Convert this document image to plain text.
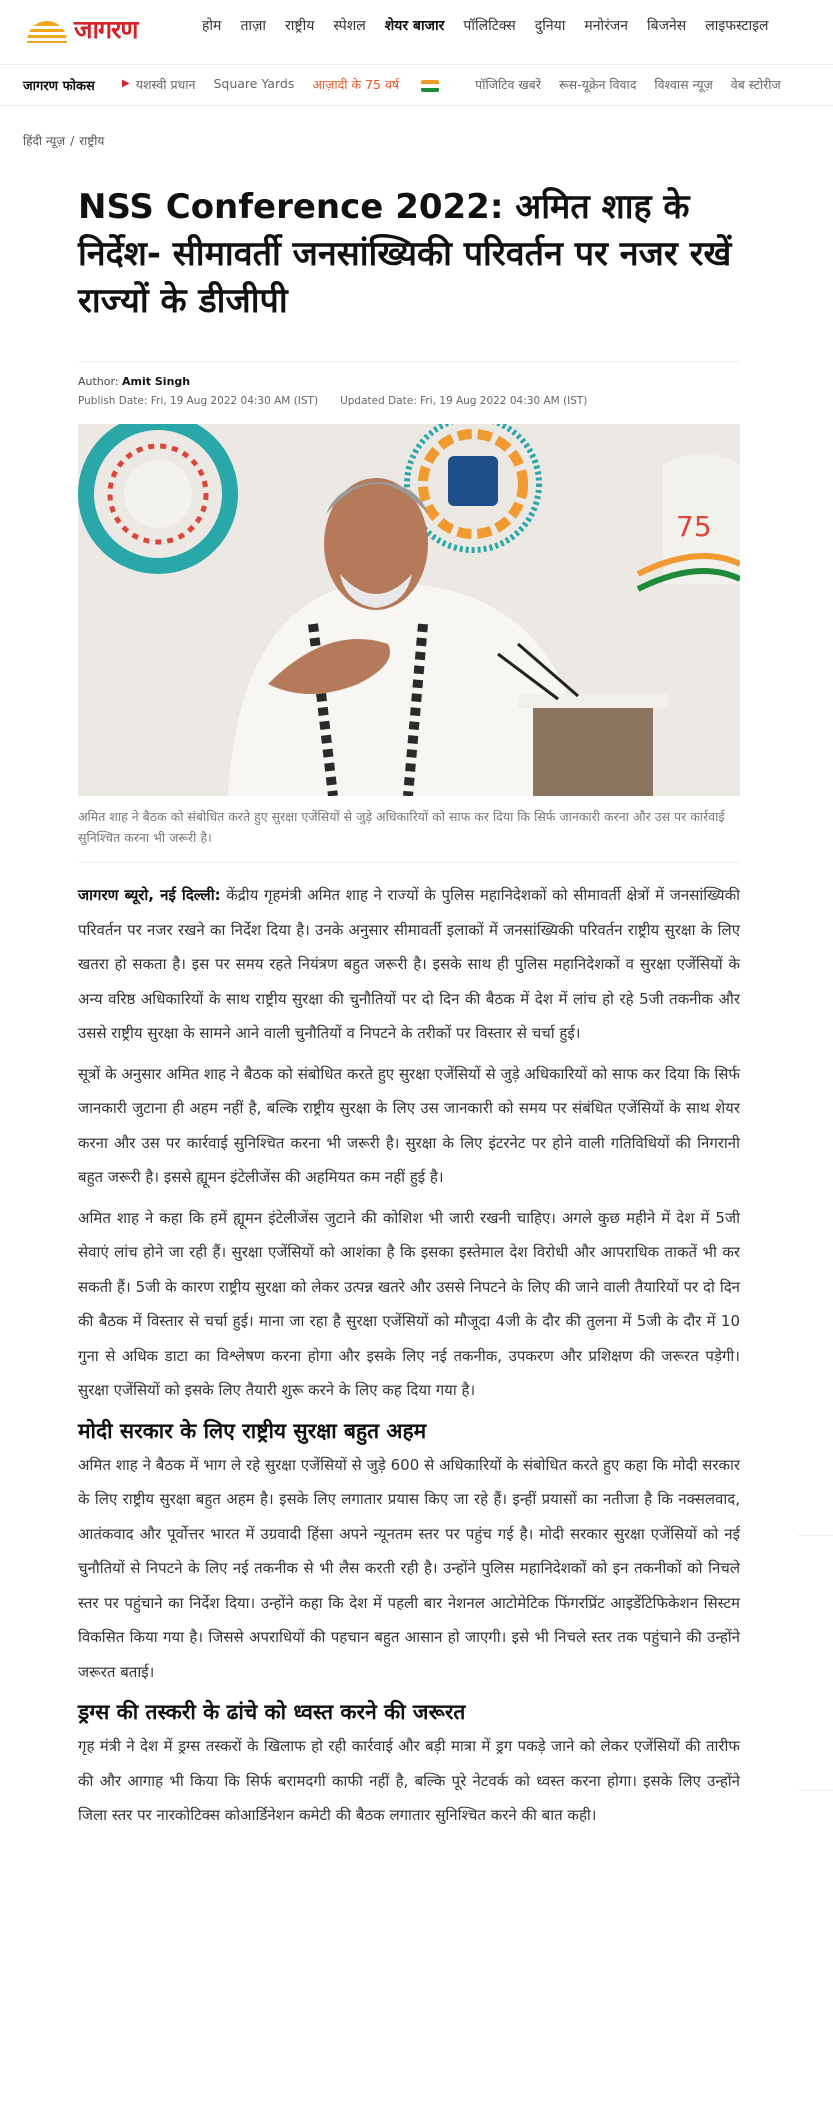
जागरण	होम ताज़ा राष्ट्रीय स्पेशल शेयर बाजार पॉलिटिक्स दुनिया मनोरंजन बिजनेस लाइफस्टाइल
जागरण फोकस	▶ यशस्वी प्रधान Square Yards आज़ादी के 75 वर्ष	पॉजिटिव खबरें रूस-यूक्रेन विवाद विश्वास न्यूज़ वेब स्टोरीज
हिंदी न्यूज़ / राष्ट्रीय
NSS Conference 2022: अमित शाह के निर्देश- सीमावर्ती जनसांख्यिकी परिवर्तन पर नजर रखें राज्यों के डीजीपी
Author: Amit Singh
Publish Date: Fri, 19 Aug 2022 04:30 AM (IST) Updated Date: Fri, 19 Aug 2022 04:30 AM (IST)
75
अमित शाह ने बैठक को संबोधित करते हुए सुरक्षा एजेंसियों से जुड़े अधिकारियों को साफ कर दिया कि सिर्फ जानकारी करना और उस पर कार्रवाई सुनिश्चित करना भी जरूरी है।

जागरण ब्यूरो, नई दिल्ली: केंद्रीय गृहमंत्री अमित शाह ने राज्यों के पुलिस महानिदेशकों को सीमावर्ती क्षेत्रों में जनसांख्यिकी परिवर्तन पर नजर रखने का निर्देश दिया है। उनके अनुसार सीमावर्ती इलाकों में जनसांख्यिकी परिवर्तन राष्ट्रीय सुरक्षा के लिए खतरा हो सकता है। इस पर समय रहते नियंत्रण बहुत जरूरी है। इसके साथ ही पुलिस महानिदेशकों व सुरक्षा एजेंसियों के अन्य वरिष्ठ अधिकारियों के साथ राष्ट्रीय सुरक्षा की चुनौतियों पर दो दिन की बैठक में देश में लांच हो रहे 5जी तकनीक और उससे राष्ट्रीय सुरक्षा के सामने आने वाली चुनौतियों व निपटने के तरीकों पर विस्तार से चर्चा हुई।

सूत्रों के अनुसार अमित शाह ने बैठक को संबोधित करते हुए सुरक्षा एजेंसियों से जुड़े अधिकारियों को साफ कर दिया कि सिर्फ जानकारी जुटाना ही अहम नहीं है, बल्कि राष्ट्रीय सुरक्षा के लिए उस जानकारी को समय पर संबंधित एजेंसियों के साथ शेयर करना और उस पर कार्रवाई सुनिश्चित करना भी जरूरी है। सुरक्षा के लिए इंटरनेट पर होने वाली गतिविधियों की निगरानी बहुत जरूरी है। इससे ह्यूमन इंटेलीजेंस की अहमियत कम नहीं हुई है।

अमित शाह ने कहा कि हमें ह्यूमन इंटेलीजेंस जुटाने की कोशिश भी जारी रखनी चाहिए। अगले कुछ महीने में देश में 5जी सेवाएं लांच होने जा रही हैं। सुरक्षा एजेंसियों को आशंका है कि इसका इस्तेमाल देश विरोधी और आपराधिक ताकतें भी कर सकती हैं। 5जी के कारण राष्ट्रीय सुरक्षा को लेकर उत्पन्न खतरे और उससे निपटने के लिए की जाने वाली तैयारियों पर दो दिन की बैठक में विस्तार से चर्चा हुई। माना जा रहा है सुरक्षा एजेंसियों को मौजूदा 4जी के दौर की तुलना में 5जी के दौर में 10 गुना से अधिक डाटा का विश्लेषण करना होगा और इसके लिए नई तकनीक, उपकरण और प्रशिक्षण की जरूरत पड़ेगी। सुरक्षा एजेंसियों को इसके लिए तैयारी शुरू करने के लिए कह दिया गया है।

मोदी सरकार के लिए राष्ट्रीय सुरक्षा बहुत अहम

अमित शाह ने बैठक में भाग ले रहे सुरक्षा एजेंसियों से जुड़े 600 से अधिकारियों के संबोधित करते हुए कहा कि मोदी सरकार के लिए राष्ट्रीय सुरक्षा बहुत अहम है। इसके लिए लगातार प्रयास किए जा रहे हैं। इन्हीं प्रयासों का नतीजा है कि नक्सलवाद, आतंकवाद और पूर्वोत्तर भारत में उग्रवादी हिंसा अपने न्यूनतम स्तर पर पहुंच गई है। मोदी सरकार सुरक्षा एजेंसियों को नई चुनौतियों से निपटने के लिए नई तकनीक से भी लैस करती रही है। उन्होंने पुलिस महानिदेशकों को इन तकनीकों को निचले स्तर पर पहुंचाने का निर्देश दिया। उन्होंने कहा कि देश में पहली बार नेशनल आटोमेटिक फिंगरप्रिंट आइडेंटिफिकेशन सिस्टम विकसित किया गया है। जिससे अपराधियों की पहचान बहुत आसान हो जाएगी। इसे भी निचले स्तर तक पहुंचाने की उन्होंने जरूरत बताई।

ड्रग्स की तस्करी के ढांचे को ध्वस्त करने की जरूरत

गृह मंत्री ने देश में ड्रग्स तस्करों के खिलाफ हो रही कार्रवाई और बड़ी मात्रा में ड्रग पकड़े जाने को लेकर एजेंसियों की तारीफ की और आगाह भी किया कि सिर्फ बरामदगी काफी नहीं है, बल्कि पूरे नेटवर्क को ध्वस्त करना होगा। इसके लिए उन्होंने जिला स्तर पर नारकोटिक्स कोआर्डिनेशन कमेटी की बैठक लगातार सुनिश्चित करने की बात कही।
